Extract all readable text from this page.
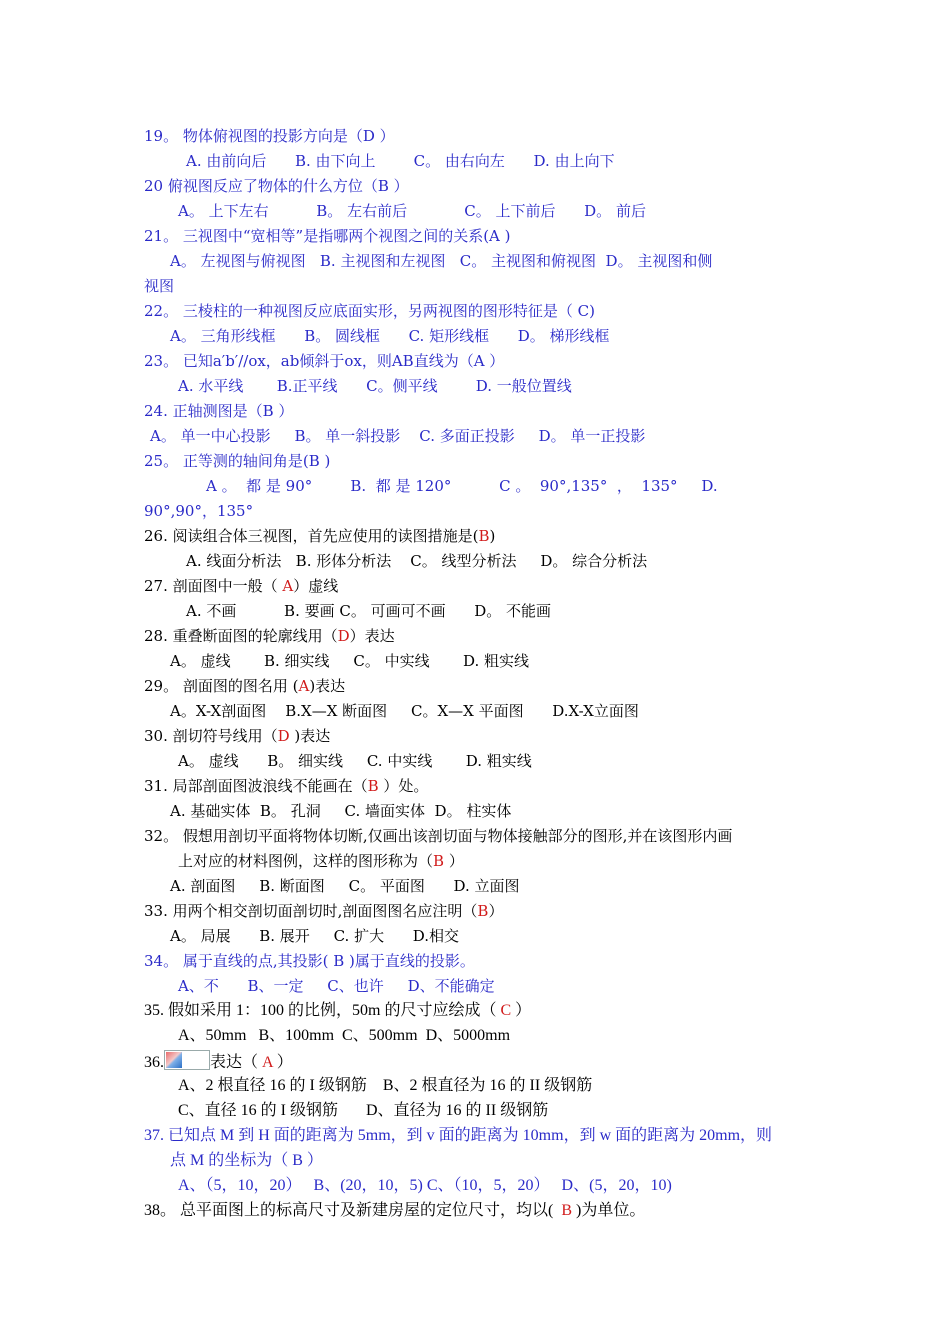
19。 物体俯视图的投影方向是（D ）
A. 由前向后      B. 由下向上        C。 由右向左      D. 由上向下
20 俯视图反应了物体的什么方位（B ）
A。 上下左右          B。 左右前后            C。 上下前后      D。 前后
21。 三视图中“宽相等”是指哪两个视图之间的关系(A )
A。 左视图与俯视图   B. 主视图和左视图   C。 主视图和俯视图  D。 主视图和侧
视图
22。 三棱柱的一种视图反应底面实形，另两视图的图形特征是（ C)
A。 三角形线框      B。 圆线框      C. 矩形线框      D。 梯形线框
23。 已知a′b′//ox，ab倾斜于ox，则AB直线为（A ）
A. 水平线       B.正平线      C。侧平线        D. 一般位置线
24. 正轴测图是（B ）
A。 单一中心投影     B。 单一斜投影    C. 多面正投影     D。 单一正投影
25。 正等测的轴间角是(B )
A 。  都 是 90°        B.  都 是 120°          C 。  90°,135°  ，  135°     D.
90°,90°，135°
26. 阅读组合体三视图，首先应使用的读图措施是(B)
A. 线面分析法   B. 形体分析法    C。 线型分析法     D。 综合分析法
27. 剖面图中一般（ A）虚线
A. 不画          B. 要画 C。 可画可不画      D。 不能画
28. 重叠断面图的轮廓线用（D）表达
A。 虚线       B. 细实线     C。 中实线       D. 粗实线
29。 剖面图的图名用 (A)表达
A。X-X剖面图    B.X—X 断面图     C。X—X 平面图      D.X-X立面图
30. 剖切符号线用（D )表达
A。 虚线      B。 细实线     C. 中实线       D. 粗实线
31. 局部剖面图波浪线不能画在（B ）处。
A. 基础实体  B。 孔洞     C. 墙面实体  D。 柱实体
32。 假想用剖切平面将物体切断,仅画出该剖切面与物体接触部分的图形,并在该图形内画
上对应的材料图例，这样的图形称为（B ）
A. 剖面图     B. 断面图     C。 平面图      D. 立面图
33. 用两个相交剖切面剖切时,剖面图图名应注明（B）
A。 局展      B. 展开     C. 扩大      D.相交
34。 属于直线的点,其投影( B )属于直线的投影。
A、不      B、一定     C、也许     D、不能确定
35. 假如采用 1：100 的比例，50m 的尺寸应绘成（ C ）
A、50mm   B、100mm  C、500mm  D、5000mm
36.	表达（ A ）
A、2 根直径 16 的 I 级钢筋    B、2 根直径为 16 的 II 级钢筋
C、直径 16 的 I 级钢筋       D、直径为 16 的 II 级钢筋
37. 已知点 M 到 H 面的距离为 5mm，到 v 面的距离为 10mm，到 w 面的距离为 20mm，则
点 M 的坐标为（ B ）
A、（5，10，20）   B、(20，10，5) C、（10，5，20）   D、(5，20，10)
38。 总平面图上的标高尺寸及新建房屋的定位尺寸，均以(  B )为单位。
